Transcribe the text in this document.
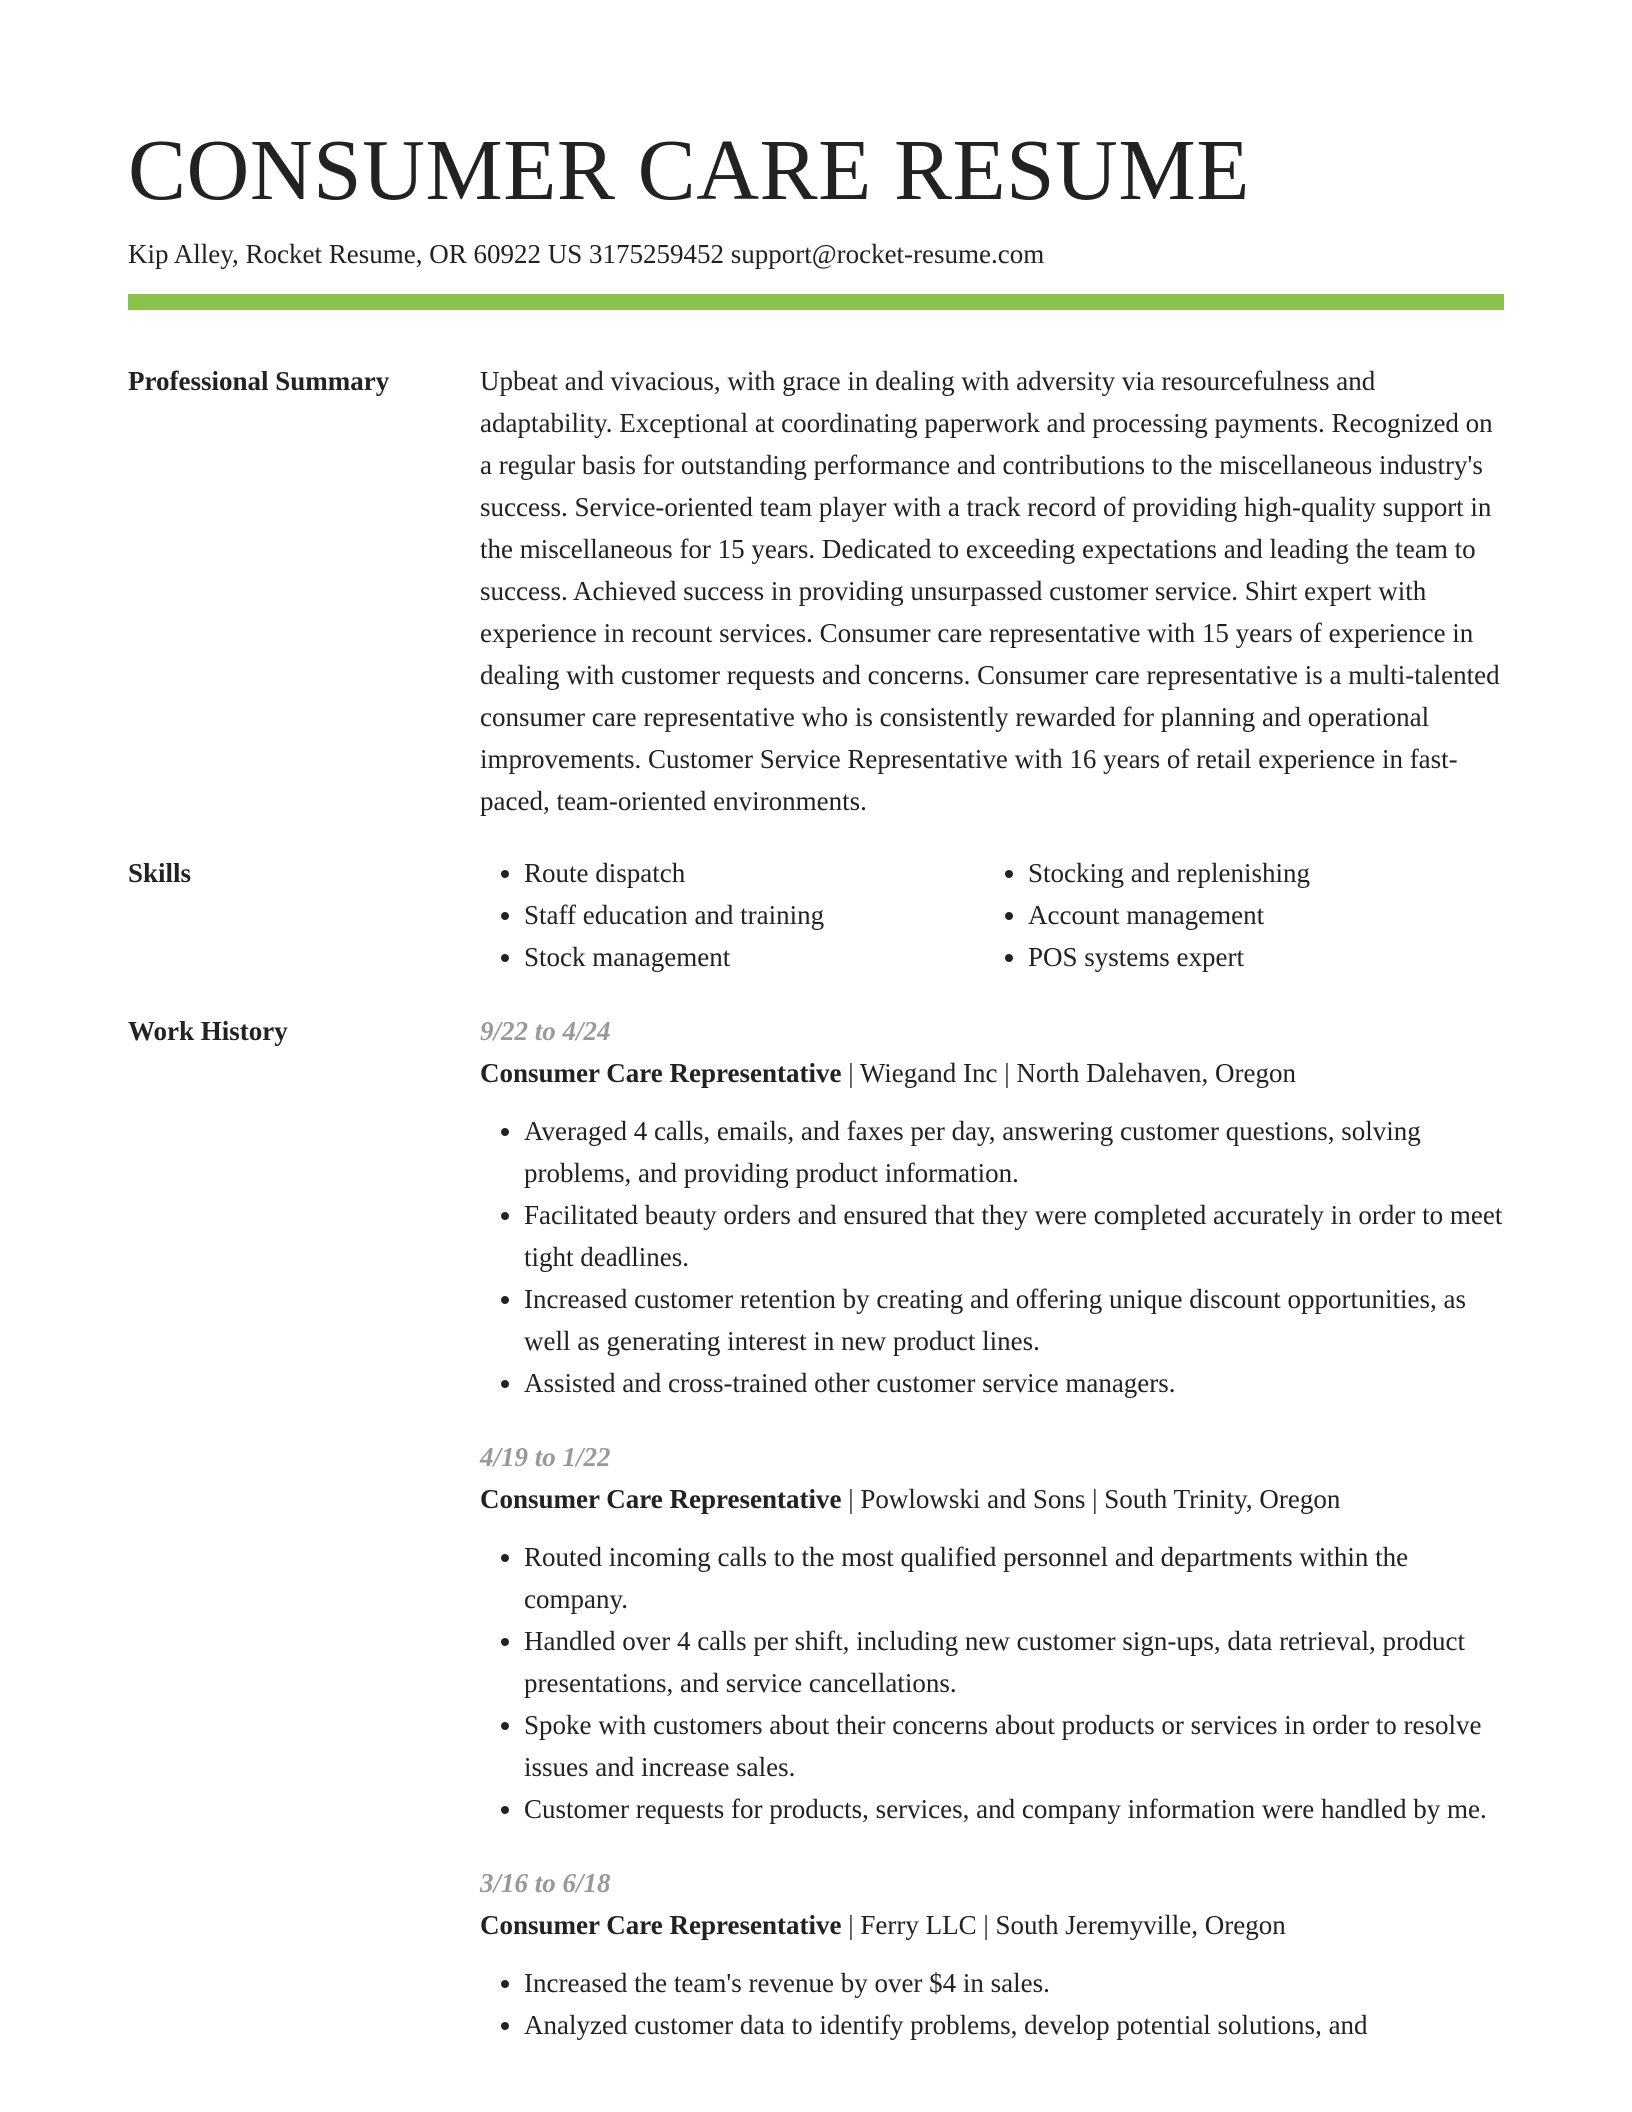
CONSUMER CARE RESUME
Kip Alley, Rocket Resume, OR 60922 US 3175259452 support@rocket-resume.com
Professional Summary	Upbeat and vivacious, with grace in dealing with adversity via resourcefulness and adaptability. Exceptional at coordinating paperwork and processing payments. Recognized on a regular basis for outstanding performance and contributions to the miscellaneous industry's success. Service-oriented team player with a track record of providing high-quality support in the miscellaneous for 15 years. Dedicated to exceeding expectations and leading the team to success. Achieved success in providing unsurpassed customer service. Shirt expert with experience in recount services. Consumer care representative with 15 years of experience in dealing with customer requests and concerns. Consumer care representative is a multi-talented consumer care representative who is consistently rewarded for planning and operational improvements. Customer Service Representative with 16 years of retail experience in fast-paced, team-oriented environments.

Skills
•	Route dispatch
• Staff education and training
• Stock management
• Stocking and replenishing
• Account management
• POS systems expert
Work History	9/22 to 4/24
Consumer Care Representative | Wiegand Inc | North Dalehaven, Oregon
• Averaged 4 calls, emails, and faxes per day, answering customer questions, solving problems, and providing product information.
• Facilitated beauty orders and ensured that they were completed accurately in order to meet tight deadlines.
• Increased customer retention by creating and offering unique discount opportunities, as well as generating interest in new product lines.
• Assisted and cross-trained other customer service managers.
4/19 to 1/22
Consumer Care Representative | Powlowski and Sons | South Trinity, Oregon
• Routed incoming calls to the most qualified personnel and departments within the company.
• Handled over 4 calls per shift, including new customer sign-ups, data retrieval, product presentations, and service cancellations.
• Spoke with customers about their concerns about products or services in order to resolve issues and increase sales.
• Customer requests for products, services, and company information were handled by me.
3/16 to 6/18
Consumer Care Representative | Ferry LLC | South Jeremyville, Oregon
• Increased the team's revenue by over $4 in sales.
• Analyzed customer data to identify problems, develop potential solutions, and
